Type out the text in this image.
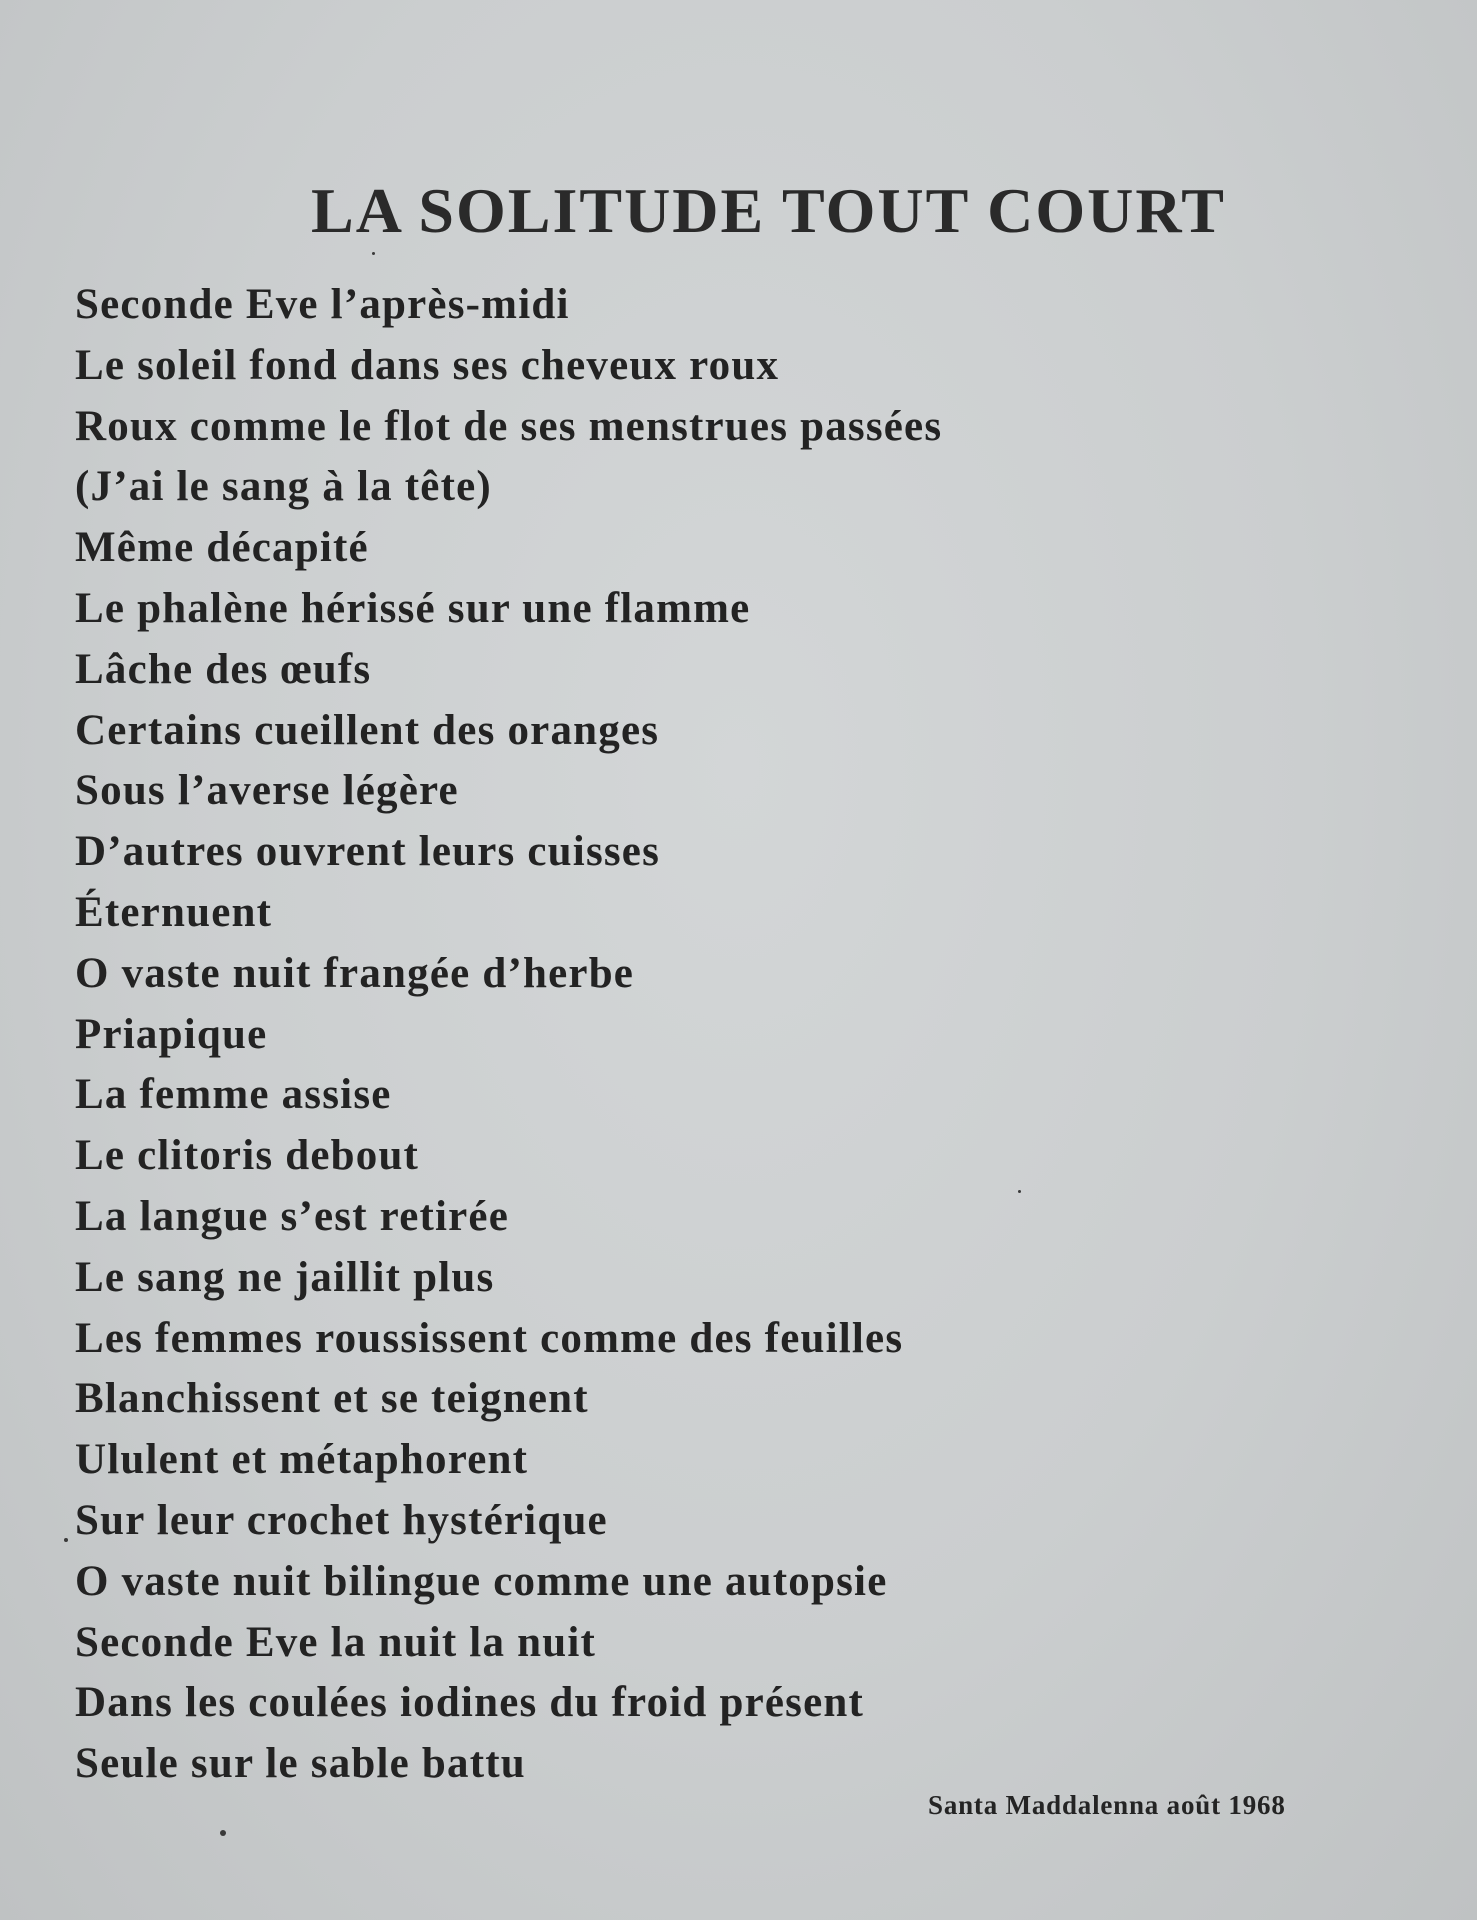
LA SOLITUDE TOUT COURT
Seconde Eve l’après-midi
Le soleil fond dans ses cheveux roux
Roux comme le flot de ses menstrues passées
(J’ai le sang à la tête)
Même décapité
Le phalène hérissé sur une flamme
Lâche des œufs
Certains cueillent des oranges
Sous l’averse légère
D’autres ouvrent leurs cuisses
Éternuent
O vaste nuit frangée d’herbe
Priapique
La femme assise
Le clitoris debout
La langue s’est retirée
Le sang ne jaillit plus
Les femmes roussissent comme des feuilles
Blanchissent et se teignent
Ululent et métaphorent
Sur leur crochet hystérique
O vaste nuit bilingue comme une autopsie
Seconde Eve la nuit la nuit
Dans les coulées iodines du froid présent
Seule sur le sable battu
Santa Maddalenna août 1968
